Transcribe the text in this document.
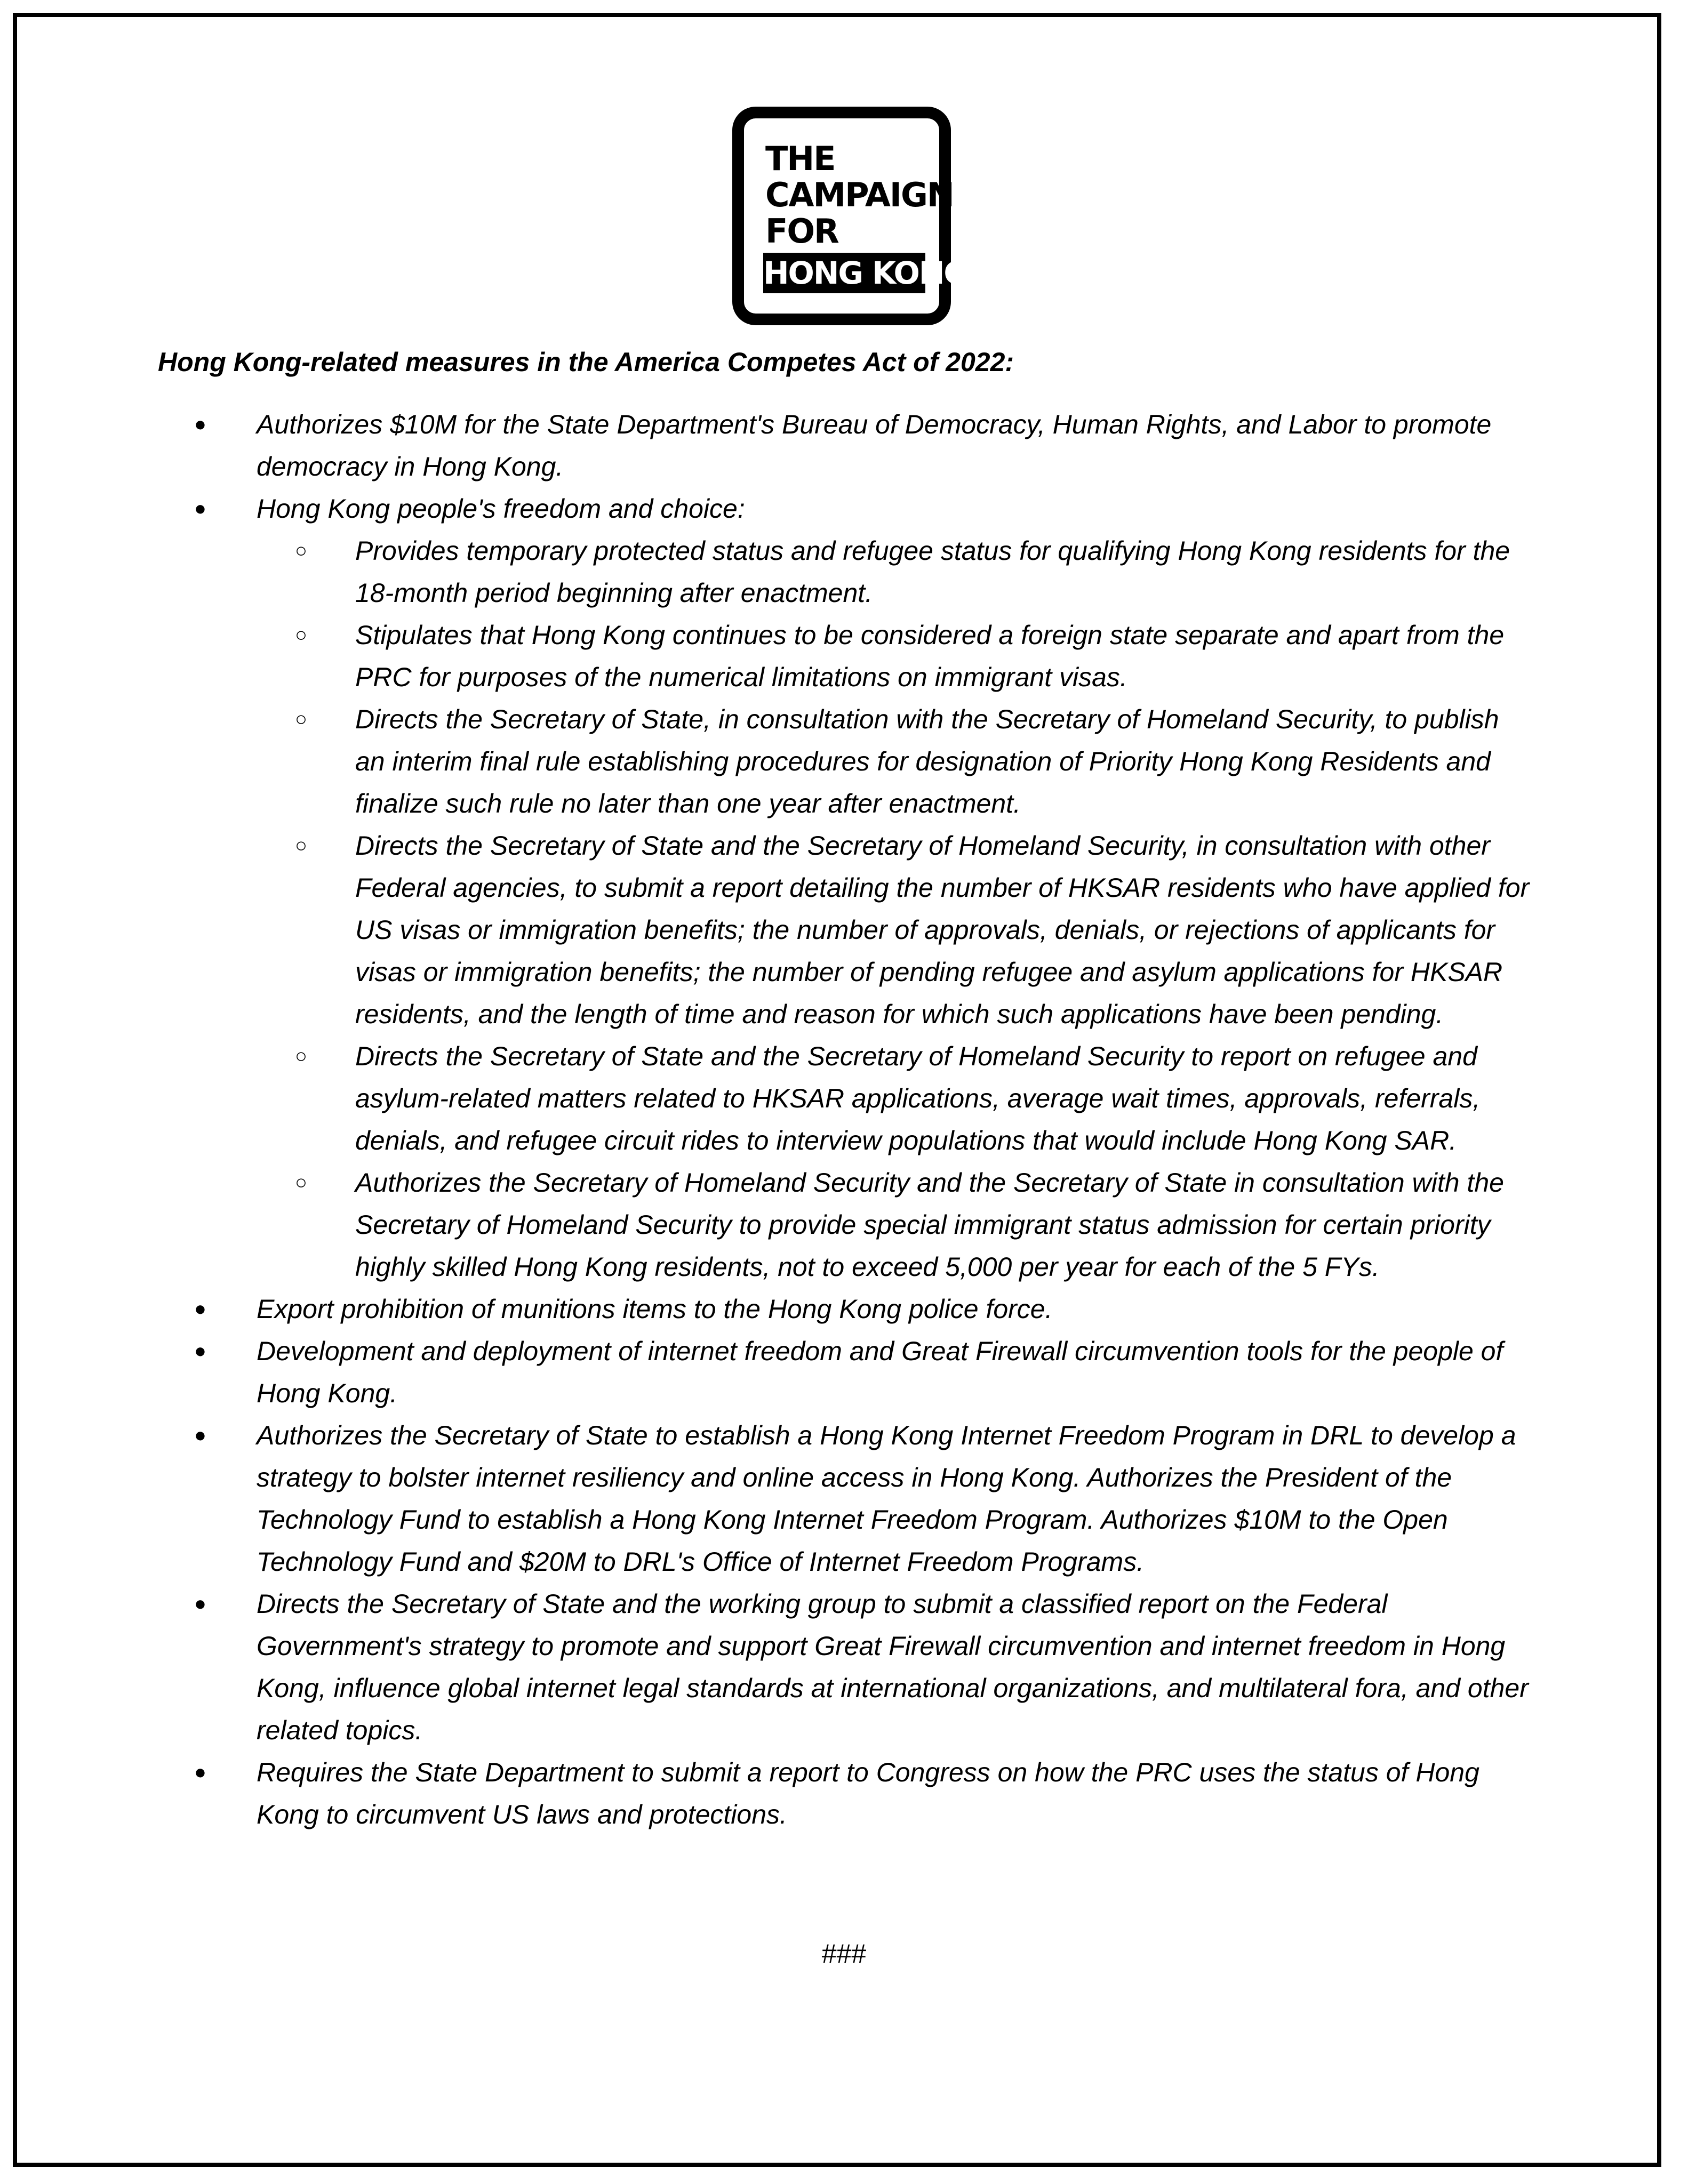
THE
CAMPAIGN
FOR
HONG KONG
Hong Kong-related measures in the America Competes Act of 2022:
● Authorizes $10M for the State Department's Bureau of Democracy, Human Rights, and Labor to promote democracy in Hong Kong.
● Hong Kong people's freedom and choice:
○ Provides temporary protected status and refugee status for qualifying Hong Kong residents for the 18-month period beginning after enactment.
○ Stipulates that Hong Kong continues to be considered a foreign state separate and apart from the PRC for purposes of the numerical limitations on immigrant visas.
○ Directs the Secretary of State, in consultation with the Secretary of Homeland Security, to publish an interim final rule establishing procedures for designation of Priority Hong Kong Residents and finalize such rule no later than one year after enactment.
○ Directs the Secretary of State and the Secretary of Homeland Security, in consultation with other Federal agencies, to submit a report detailing the number of HKSAR residents who have applied for US visas or immigration benefits; the number of approvals, denials, or rejections of applicants for visas or immigration benefits; the number of pending refugee and asylum applications for HKSAR residents, and the length of time and reason for which such applications have been pending.
○ Directs the Secretary of State and the Secretary of Homeland Security to report on refugee and asylum-related matters related to HKSAR applications, average wait times, approvals, referrals, denials, and refugee circuit rides to interview populations that would include Hong Kong SAR.
○ Authorizes the Secretary of Homeland Security and the Secretary of State in consultation with the Secretary of Homeland Security to provide special immigrant status admission for certain priority highly skilled Hong Kong residents, not to exceed 5,000 per year for each of the 5 FYs.
● Export prohibition of munitions items to the Hong Kong police force.
● Development and deployment of internet freedom and Great Firewall circumvention tools for the people of Hong Kong.
● Authorizes the Secretary of State to establish a Hong Kong Internet Freedom Program in DRL to develop a strategy to bolster internet resiliency and online access in Hong Kong. Authorizes the President of the Technology Fund to establish a Hong Kong Internet Freedom Program. Authorizes $10M to the Open Technology Fund and $20M to DRL's Office of Internet Freedom Programs.
● Directs the Secretary of State and the working group to submit a classified report on the Federal Government's strategy to promote and support Great Firewall circumvention and internet freedom in Hong Kong, influence global internet legal standards at international organizations, and multilateral fora, and other related topics.
● Requires the State Department to submit a report to Congress on how the PRC uses the status of Hong Kong to circumvent US laws and protections.
###
